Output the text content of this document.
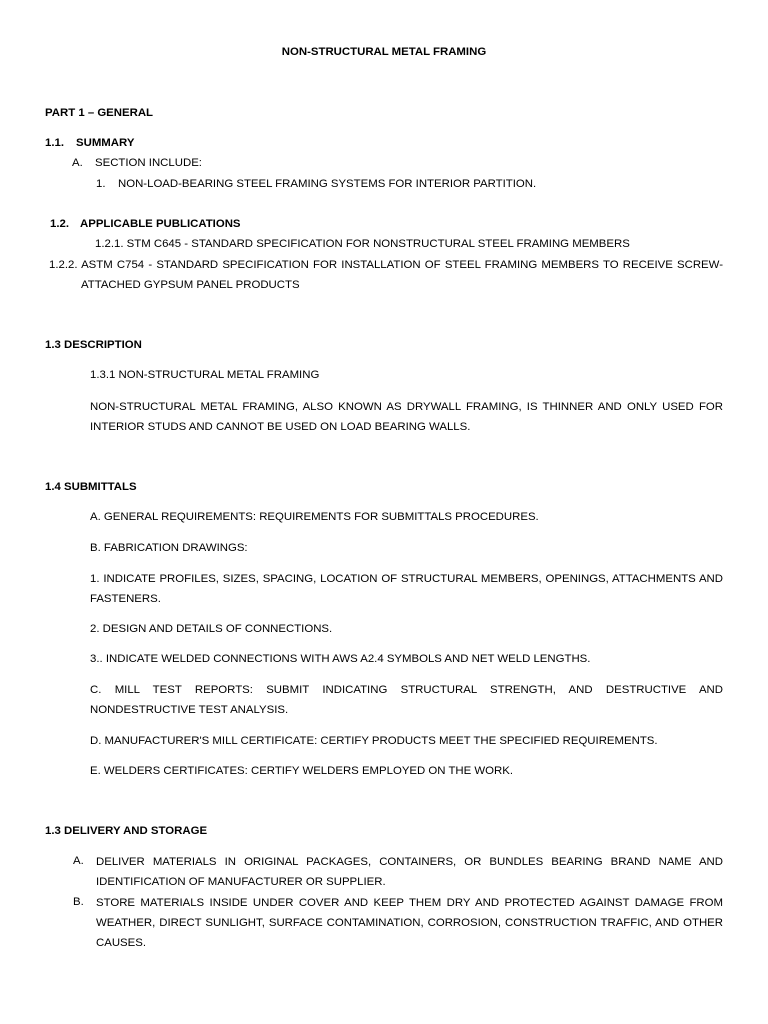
NON-STRUCTURAL METAL FRAMING
PART 1 – GENERAL
1.1. SUMMARY
A. SECTION INCLUDE:
1. NON-LOAD-BEARING STEEL FRAMING SYSTEMS FOR INTERIOR PARTITION.
1.2. APPLICABLE PUBLICATIONS
1.2.1. STM C645 - STANDARD SPECIFICATION FOR NONSTRUCTURAL STEEL FRAMING MEMBERS
1.2.2. ASTM C754 - STANDARD SPECIFICATION FOR INSTALLATION OF STEEL FRAMING MEMBERS TO RECEIVE SCREW-ATTACHED GYPSUM PANEL PRODUCTS
1.3 DESCRIPTION
1.3.1 NON-STRUCTURAL METAL FRAMING
NON-STRUCTURAL METAL FRAMING, ALSO KNOWN AS DRYWALL FRAMING, IS THINNER AND ONLY USED FOR INTERIOR STUDS AND CANNOT BE USED ON LOAD BEARING WALLS.
1.4 SUBMITTALS
A. GENERAL REQUIREMENTS: REQUIREMENTS FOR SUBMITTALS PROCEDURES.
B. FABRICATION DRAWINGS:
1. INDICATE PROFILES, SIZES, SPACING, LOCATION OF STRUCTURAL MEMBERS, OPENINGS, ATTACHMENTS AND FASTENERS.
2. DESIGN AND DETAILS OF CONNECTIONS.
3.. INDICATE WELDED CONNECTIONS WITH AWS A2.4 SYMBOLS AND NET WELD LENGTHS.
C. MILL TEST REPORTS: SUBMIT INDICATING STRUCTURAL STRENGTH, AND DESTRUCTIVE AND NONDESTRUCTIVE TEST ANALYSIS.
D. MANUFACTURER'S MILL CERTIFICATE: CERTIFY PRODUCTS MEET THE SPECIFIED REQUIREMENTS.
E. WELDERS CERTIFICATES: CERTIFY WELDERS EMPLOYED ON THE WORK.
1.3 DELIVERY AND STORAGE
A. DELIVER MATERIALS IN ORIGINAL PACKAGES, CONTAINERS, OR BUNDLES BEARING BRAND NAME AND IDENTIFICATION OF MANUFACTURER OR SUPPLIER.
B. STORE MATERIALS INSIDE UNDER COVER AND KEEP THEM DRY AND PROTECTED AGAINST DAMAGE FROM WEATHER, DIRECT SUNLIGHT, SURFACE CONTAMINATION, CORROSION, CONSTRUCTION TRAFFIC, AND OTHER CAUSES.
